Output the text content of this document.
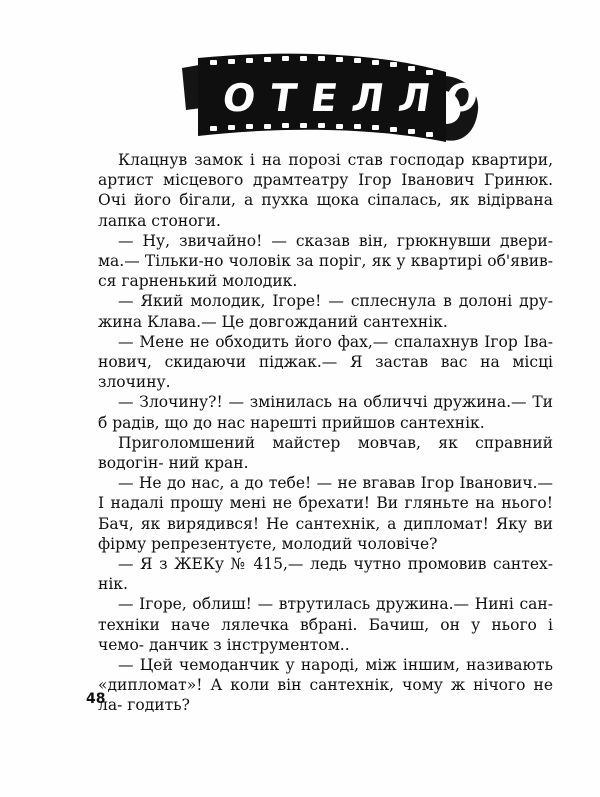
ОТЕЛЛО

Клацнув замок і на порозі став господар квартири, артист місцевого драмтеатру Ігор Іванович Гринюк. Очі його бігали, а пухка щока сіпалась, як відірвана лапка стоноги.

— Ну, звичайно! — сказав він, грюкнувши двери- ма.— Тільки-но чоловік за поріг, як у квартирі об'явив- ся гарненький молодик.

— Який молодик, Ігоре! — сплеснула в долоні дру- жина Клава.— Це довгожданий сантехнік.

— Мене не обходить його фах,— спалахнув Ігор Іва- нович, скидаючи піджак.— Я застав вас на місці злочину.

— Злочину?! — змінилась на обличчі дружина.— Ти б радів, що до нас нарешті прийшов сантехнік.

Приголомшений майстер мовчав, як справний водогін- ний кран.

— Не до нас, а до тебе! — не вгавав Ігор Іванович.— І надалі прошу мені не брехати! Ви гляньте на нього! Бач, як вирядився! Не сантехнік, а дипломат! Яку ви фірму репрезентуєте, молодий чоловіче?

— Я з ЖЕКу № 415,— ледь чутно промовив сантех- нік.

— Ігоре, облиш! — втрутилась дружина.— Нині сан- техніки наче лялечка вбрані. Бачиш, он у нього і чемо- данчик з інструментом..

— Цей чемоданчик у народі, між іншим, називають «дипломат»! А коли він сантехнік, чому ж нічого не ла- годить?

48
